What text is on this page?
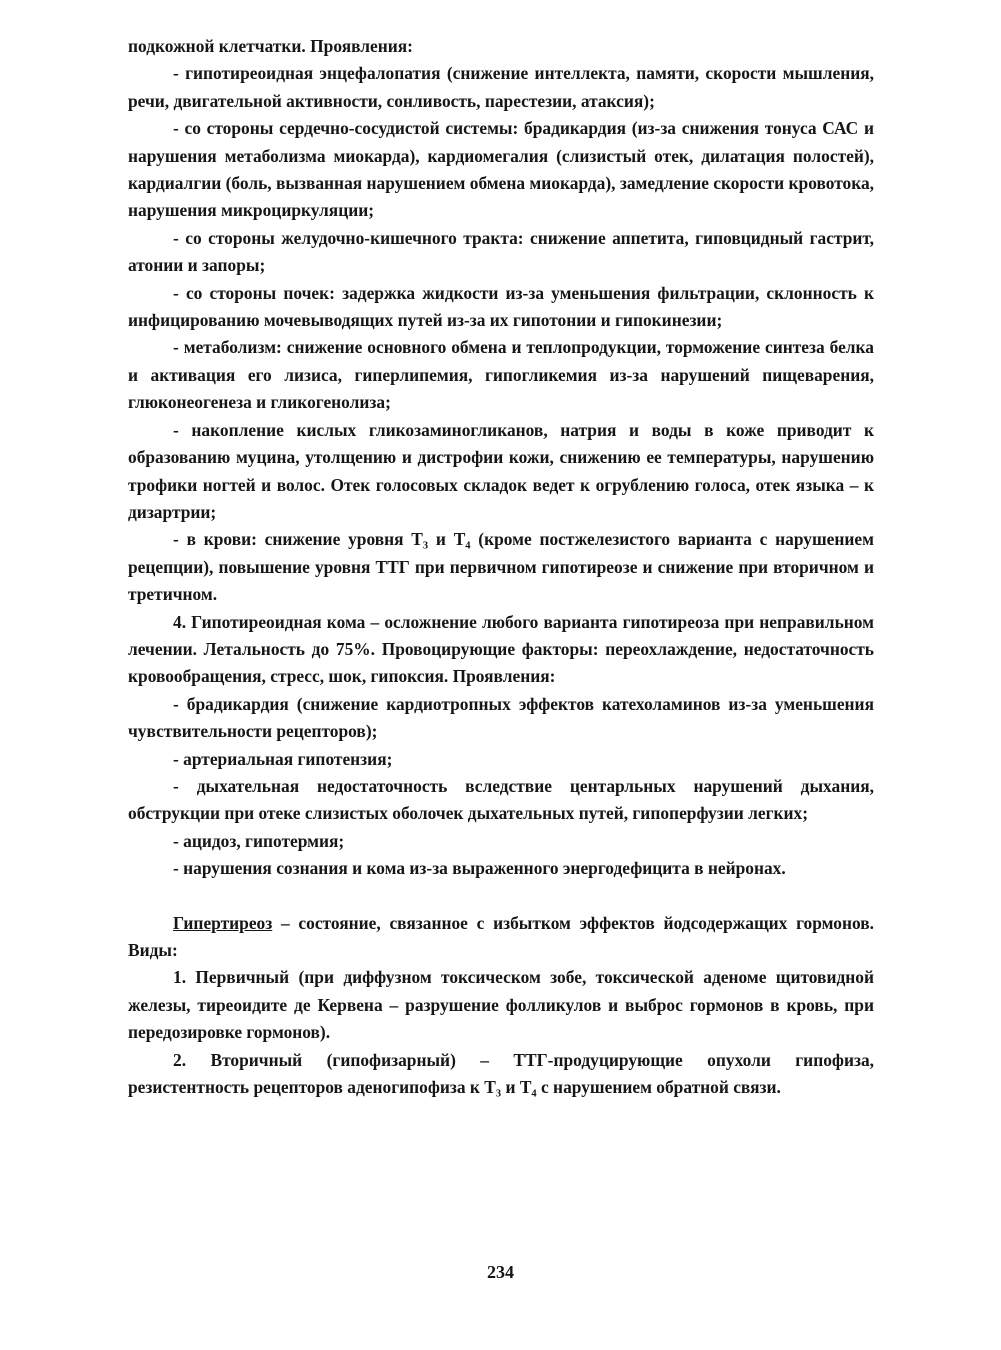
подкожной клетчатки. Проявления:

- гипотиреоидная энцефалопатия (снижение интеллекта, памяти, скорости мышления, речи, двигательной активности, сонливость, парестезии, атаксия);

- со стороны сердечно-сосудистой системы: брадикардия (из-за снижения тонуса САС и нарушения метаболизма миокарда), кардиомегалия (слизистый отек, дилатация полостей), кардиалгии (боль, вызванная нарушением обмена миокарда), замедление скорости кровотока, нарушения микроциркуляции;

- со стороны желудочно-кишечного тракта: снижение аппетита, гиповцидный гастрит, атонии и запоры;

- со стороны почек: задержка жидкости из-за уменьшения фильтрации, склонность к инфицированию мочевыводящих путей из-за их гипотонии и гипокинезии;

- метаболизм: снижение основного обмена и теплопродукции, торможение синтеза белка и активация его лизиса, гиперлипемия, гипогликемия из-за нарушений пищеварения, глюконеогенеза и гликогенолиза;

- накопление кислых гликозаминогликанов, натрия и воды в коже приводит к образованию муцина, утолщению и дистрофии кожи, снижению ее температуры, нарушению трофики ногтей и волос. Отек голосовых складок ведет к огрублению голоса, отек языка – к дизартрии;

- в крови: снижение уровня T₃ и T₄ (кроме постжелезистого варианта с нарушением рецепции), повышение уровня ТТГ при первичном гипотиреозе и снижение при вторичном и третичном.

4. Гипотиреоидная кома – осложнение любого варианта гипотиреоза при неправильном лечении. Летальность до 75%. Провоцирующие факторы: переохлаждение, недостаточность кровообращения, стресс, шок, гипоксия. Проявления:

- брадикардия (снижение кардиотропных эффектов катехоламинов из-за уменьшения чувствительности рецепторов);

- артериальная гипотензия;

- дыхательная недостаточность вследствие центарльных нарушений дыхания, обструкции при отеке слизистых оболочек дыхательных путей, гипоперфузии легких;

- ацидоз, гипотермия;

- нарушения сознания и кома из-за выраженного энергодефицита в нейронах.

Гипертиреоз – состояние, связанное с избытком эффектов йодсодержащих гормонов. Виды:

1. Первичный (при диффузном токсическом зобе, токсической аденоме щитовидной железы, тиреоидите де Кервена – разрушение фолликулов и выброс гормонов в кровь, при передозировке гормонов).

2. Вторичный (гипофизарный) – ТТГ-продуцирующие опухоли гипофиза, резистентность рецепторов аденогипофиза к T₃ и T₄ с нарушением обратной связи.

234
